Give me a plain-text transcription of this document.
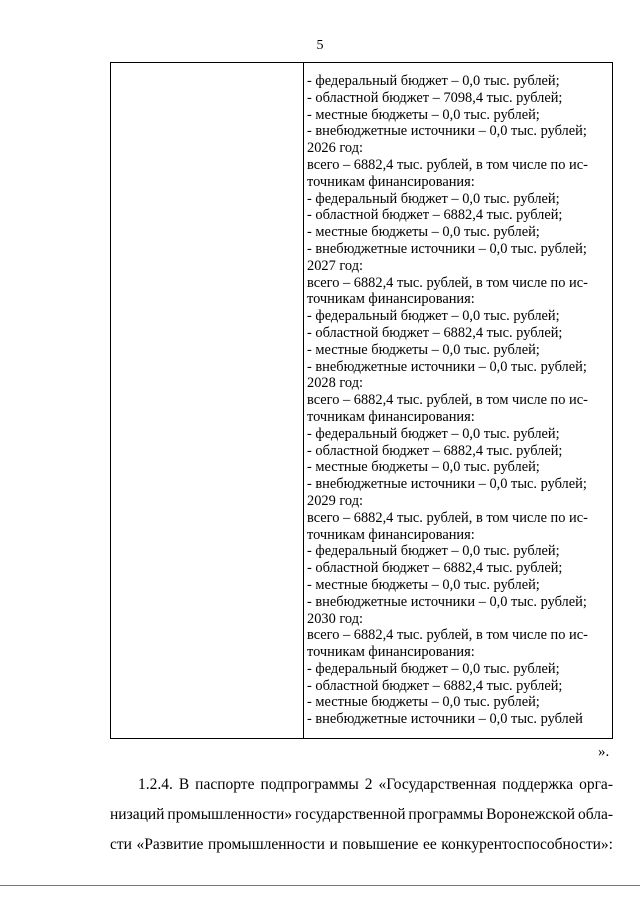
5
- федеральный бюджет – 0,0 тыс. рублей;
- областной бюджет – 7098,4 тыс. рублей;
- местные бюджеты – 0,0 тыс. рублей;
- внебюджетные источники – 0,0 тыс. рублей;
2026 год:
всего – 6882,4 тыс. рублей, в том числе по ис-
точникам финансирования:
- федеральный бюджет – 0,0 тыс. рублей;
- областной бюджет – 6882,4 тыс. рублей;
- местные бюджеты – 0,0 тыс. рублей;
- внебюджетные источники – 0,0 тыс. рублей;
2027 год:
всего – 6882,4 тыс. рублей, в том числе по ис-
точникам финансирования:
- федеральный бюджет – 0,0 тыс. рублей;
- областной бюджет – 6882,4 тыс. рублей;
- местные бюджеты – 0,0 тыс. рублей;
- внебюджетные источники – 0,0 тыс. рублей;
2028 год:
всего – 6882,4 тыс. рублей, в том числе по ис-
точникам финансирования:
- федеральный бюджет – 0,0 тыс. рублей;
- областной бюджет – 6882,4 тыс. рублей;
- местные бюджеты – 0,0 тыс. рублей;
- внебюджетные источники – 0,0 тыс. рублей;
2029 год:
всего – 6882,4 тыс. рублей, в том числе по ис-
точникам финансирования:
- федеральный бюджет – 0,0 тыс. рублей;
- областной бюджет – 6882,4 тыс. рублей;
- местные бюджеты – 0,0 тыс. рублей;
- внебюджетные источники – 0,0 тыс. рублей;
2030 год:
всего – 6882,4 тыс. рублей, в том числе по ис-
точникам финансирования:
- федеральный бюджет – 0,0 тыс. рублей;
- областной бюджет – 6882,4 тыс. рублей;
- местные бюджеты – 0,0 тыс. рублей;
- внебюджетные источники – 0,0 тыс. рублей
».
1.2.4. В паспорте подпрограммы 2 «Государственная поддержка орга-
низаций промышленности» государственной программы Воронежской обла-
сти «Развитие промышленности и повышение ее конкурентоспособности»:
